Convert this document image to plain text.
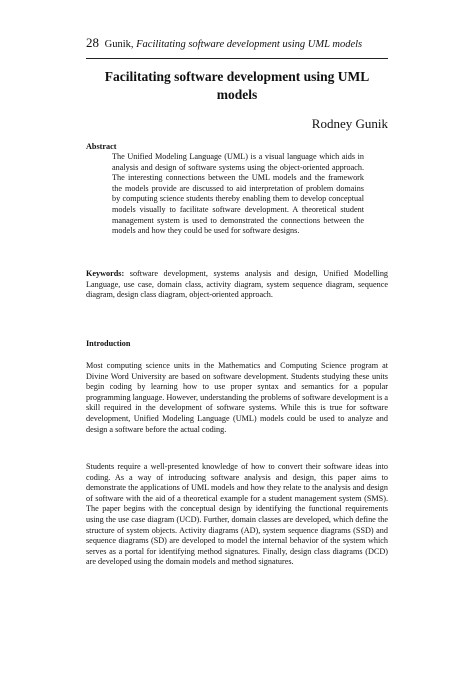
28 Gunik, Facilitating software development using UML models
Facilitating software development using UML models
Rodney Gunik
Abstract
The Unified Modeling Language (UML) is a visual language which aids in analysis and design of software systems using the object-oriented approach. The interesting connections between the UML models and the framework the models provide are discussed to aid interpretation of problem domains by computing science students thereby enabling them to develop conceptual models visually to facilitate software development. A theoretical student management system is used to demonstrated the connections between the models and how they could be used for software designs.
Keywords: software development, systems analysis and design, Unified Modelling Language, use case, domain class, activity diagram, system sequence diagram, sequence diagram, design class diagram, object-oriented approach.
Introduction
Most computing science units in the Mathematics and Computing Science program at Divine Word University are based on software development. Students studying these units begin coding by learning how to use proper syntax and semantics for a popular programming language. However, understanding the problems of software development is a skill required in the development of software systems. While this is true for software development, Unified Modeling Language (UML) models could be used to analyze and design a software before the actual coding.
Students require a well-presented knowledge of how to convert their software ideas into coding. As a way of introducing software analysis and design, this paper aims to demonstrate the applications of UML models and how they relate to the analysis and design of software with the aid of a theoretical example for a student management system (SMS). The paper begins with the conceptual design by identifying the functional requirements using the use case diagram (UCD). Further, domain classes are developed, which define the structure of system objects. Activity diagrams (AD), system sequence diagrams (SSD) and sequence diagrams (SD) are developed to model the internal behavior of the system which serves as a portal for identifying method signatures. Finally, design class diagrams (DCD) are developed using the domain models and method signatures.
